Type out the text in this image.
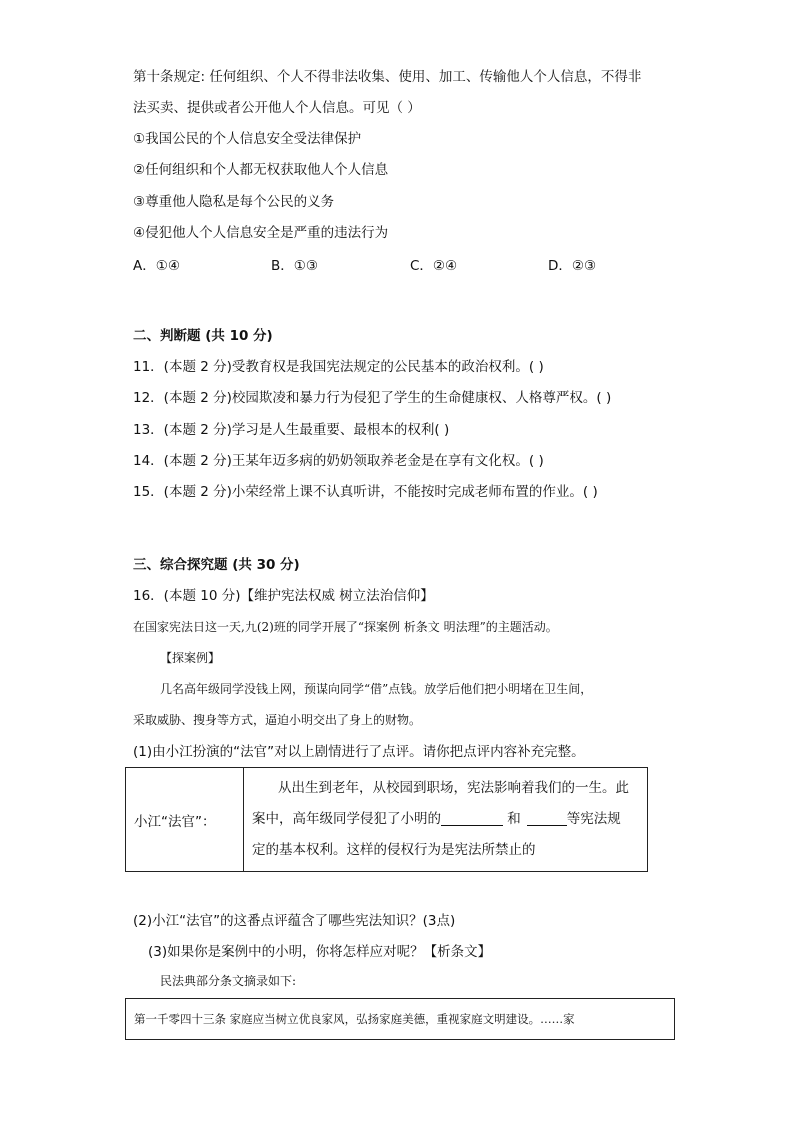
第十条规定: 任何组织、个人不得非法收集、使用、加工、传输他人个人信息，不得非
法买卖、提供或者公开他人个人信息。可见（ ）
①我国公民的个人信息安全受法律保护
②任何组织和个人都无权获取他人个人信息
③尊重他人隐私是每个公民的义务
④侵犯他人个人信息安全是严重的违法行为
A．①④	B．①③	C．②④	D．②③
二、判断题 (共 10 分)
11．(本题 2 分)受教育权是我国宪法规定的公民基本的政治权利。( )
12．(本题 2 分)校园欺凌和暴力行为侵犯了学生的生命健康权、人格尊严权。( )
13．(本题 2 分)学习是人生最重要、最根本的权利( )
14．(本题 2 分)王某年迈多病的奶奶领取养老金是在享有文化权。( )
15．(本题 2 分)小荣经常上课不认真听讲，不能按时完成老师布置的作业。( )
三、综合探究题 (共 30 分)
16．(本题 10 分)【维护宪法权威 树立法治信仰】
在国家宪法日这一天,九(2)班的同学开展了“探案例 析条文 明法理”的主题活动。
【探案例】
几名高年级同学没钱上网，预谋向同学“借”点钱。放学后他们把小明堵在卫生间，
采取威胁、搜身等方式，逼迫小明交出了身上的财物。
(1)由小江扮演的“法官”对以上剧情进行了点评。请你把点评内容补充完整。
小江“法官”：	
从出生到老年，从校园到职场，宪法影响着我们的一生。此
案中，高年级同学侵犯了小明的	和	等宪法规
定的基本权利。这样的侵权行为是宪法所禁止的
(2)小江“法官”的这番点评蕴含了哪些宪法知识？(3点)
(3)如果你是案例中的小明，你将怎样应对呢？【析条文】
民法典部分条文摘录如下:
第一千零四十三条 家庭应当树立优良家风，弘扬家庭美德，重视家庭文明建设。……家
